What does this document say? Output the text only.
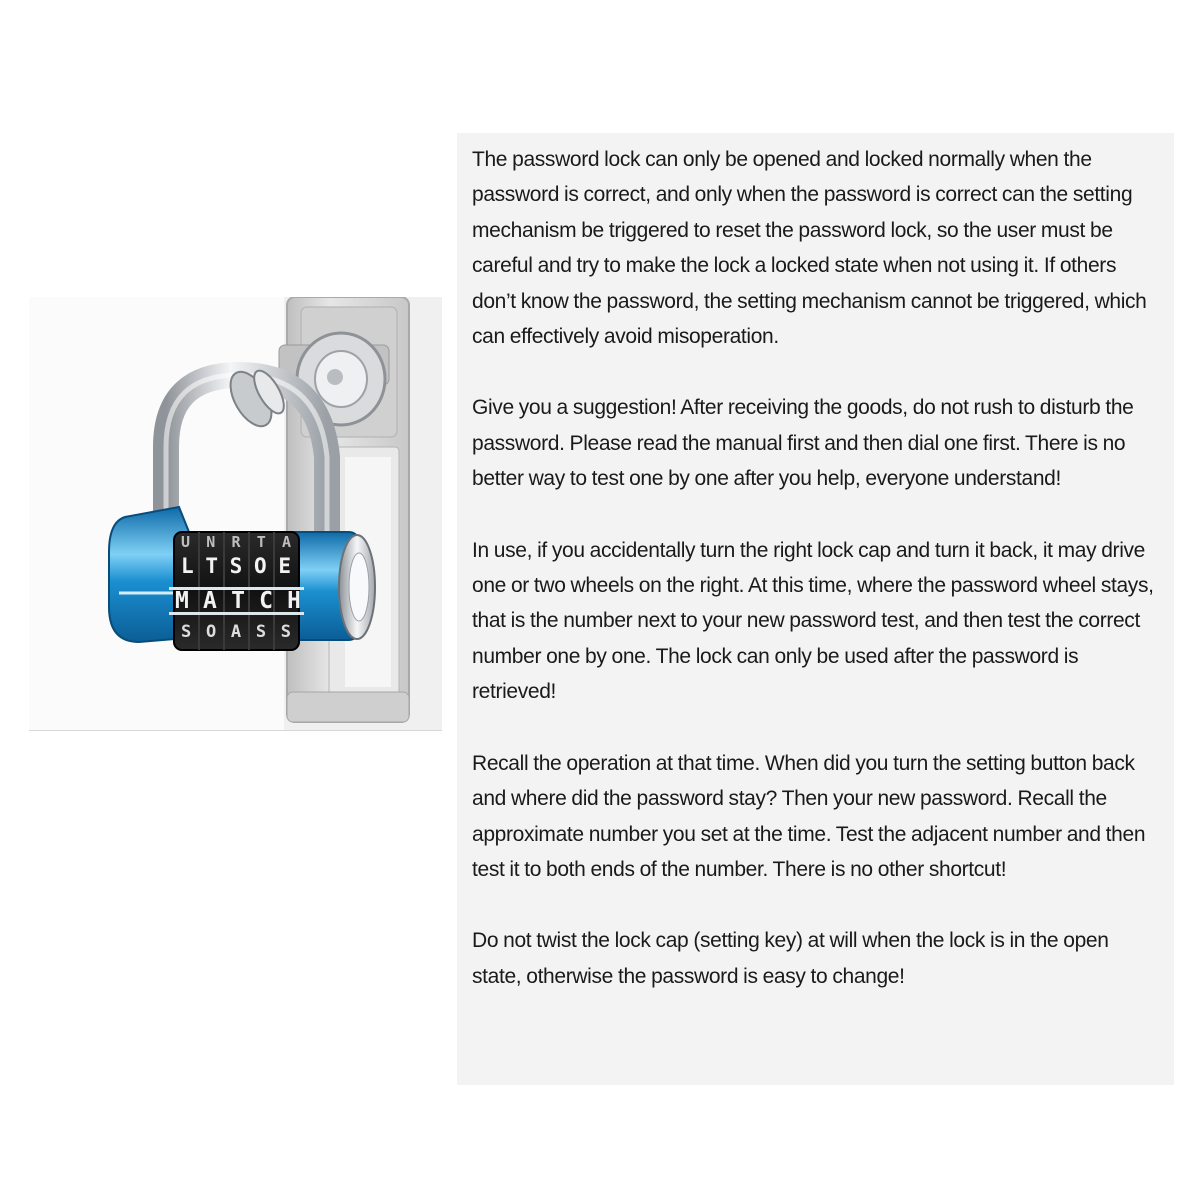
UNRTA
LTSOE
MATCH
SOASS

The password lock can only be opened and locked normally when the password is correct, and only when the password is correct can the setting mechanism be triggered to reset the password lock, so the user must be careful and try to make the lock a locked state when not using it. If others don’t know the password, the setting mechanism cannot be triggered, which can effectively avoid misoperation.

Give you a suggestion! After receiving the goods, do not rush to disturb the password. Please read the manual first and then dial one first. There is no better way to test one by one after you help, everyone understand!

In use, if you accidentally turn the right lock cap and turn it back, it may drive one or two wheels on the right. At this time, where the password wheel stays, that is the number next to your new password test, and then test the correct number one by one. The lock can only be used after the password is retrieved!

Recall the operation at that time. When did you turn the setting button back and where did the password stay? Then your new password. Recall the approximate number you set at the time. Test the adjacent number and then test it to both ends of the number. There is no other shortcut!

Do not twist the lock cap (setting key) at will when the lock is in the open state, otherwise the password is easy to change!
